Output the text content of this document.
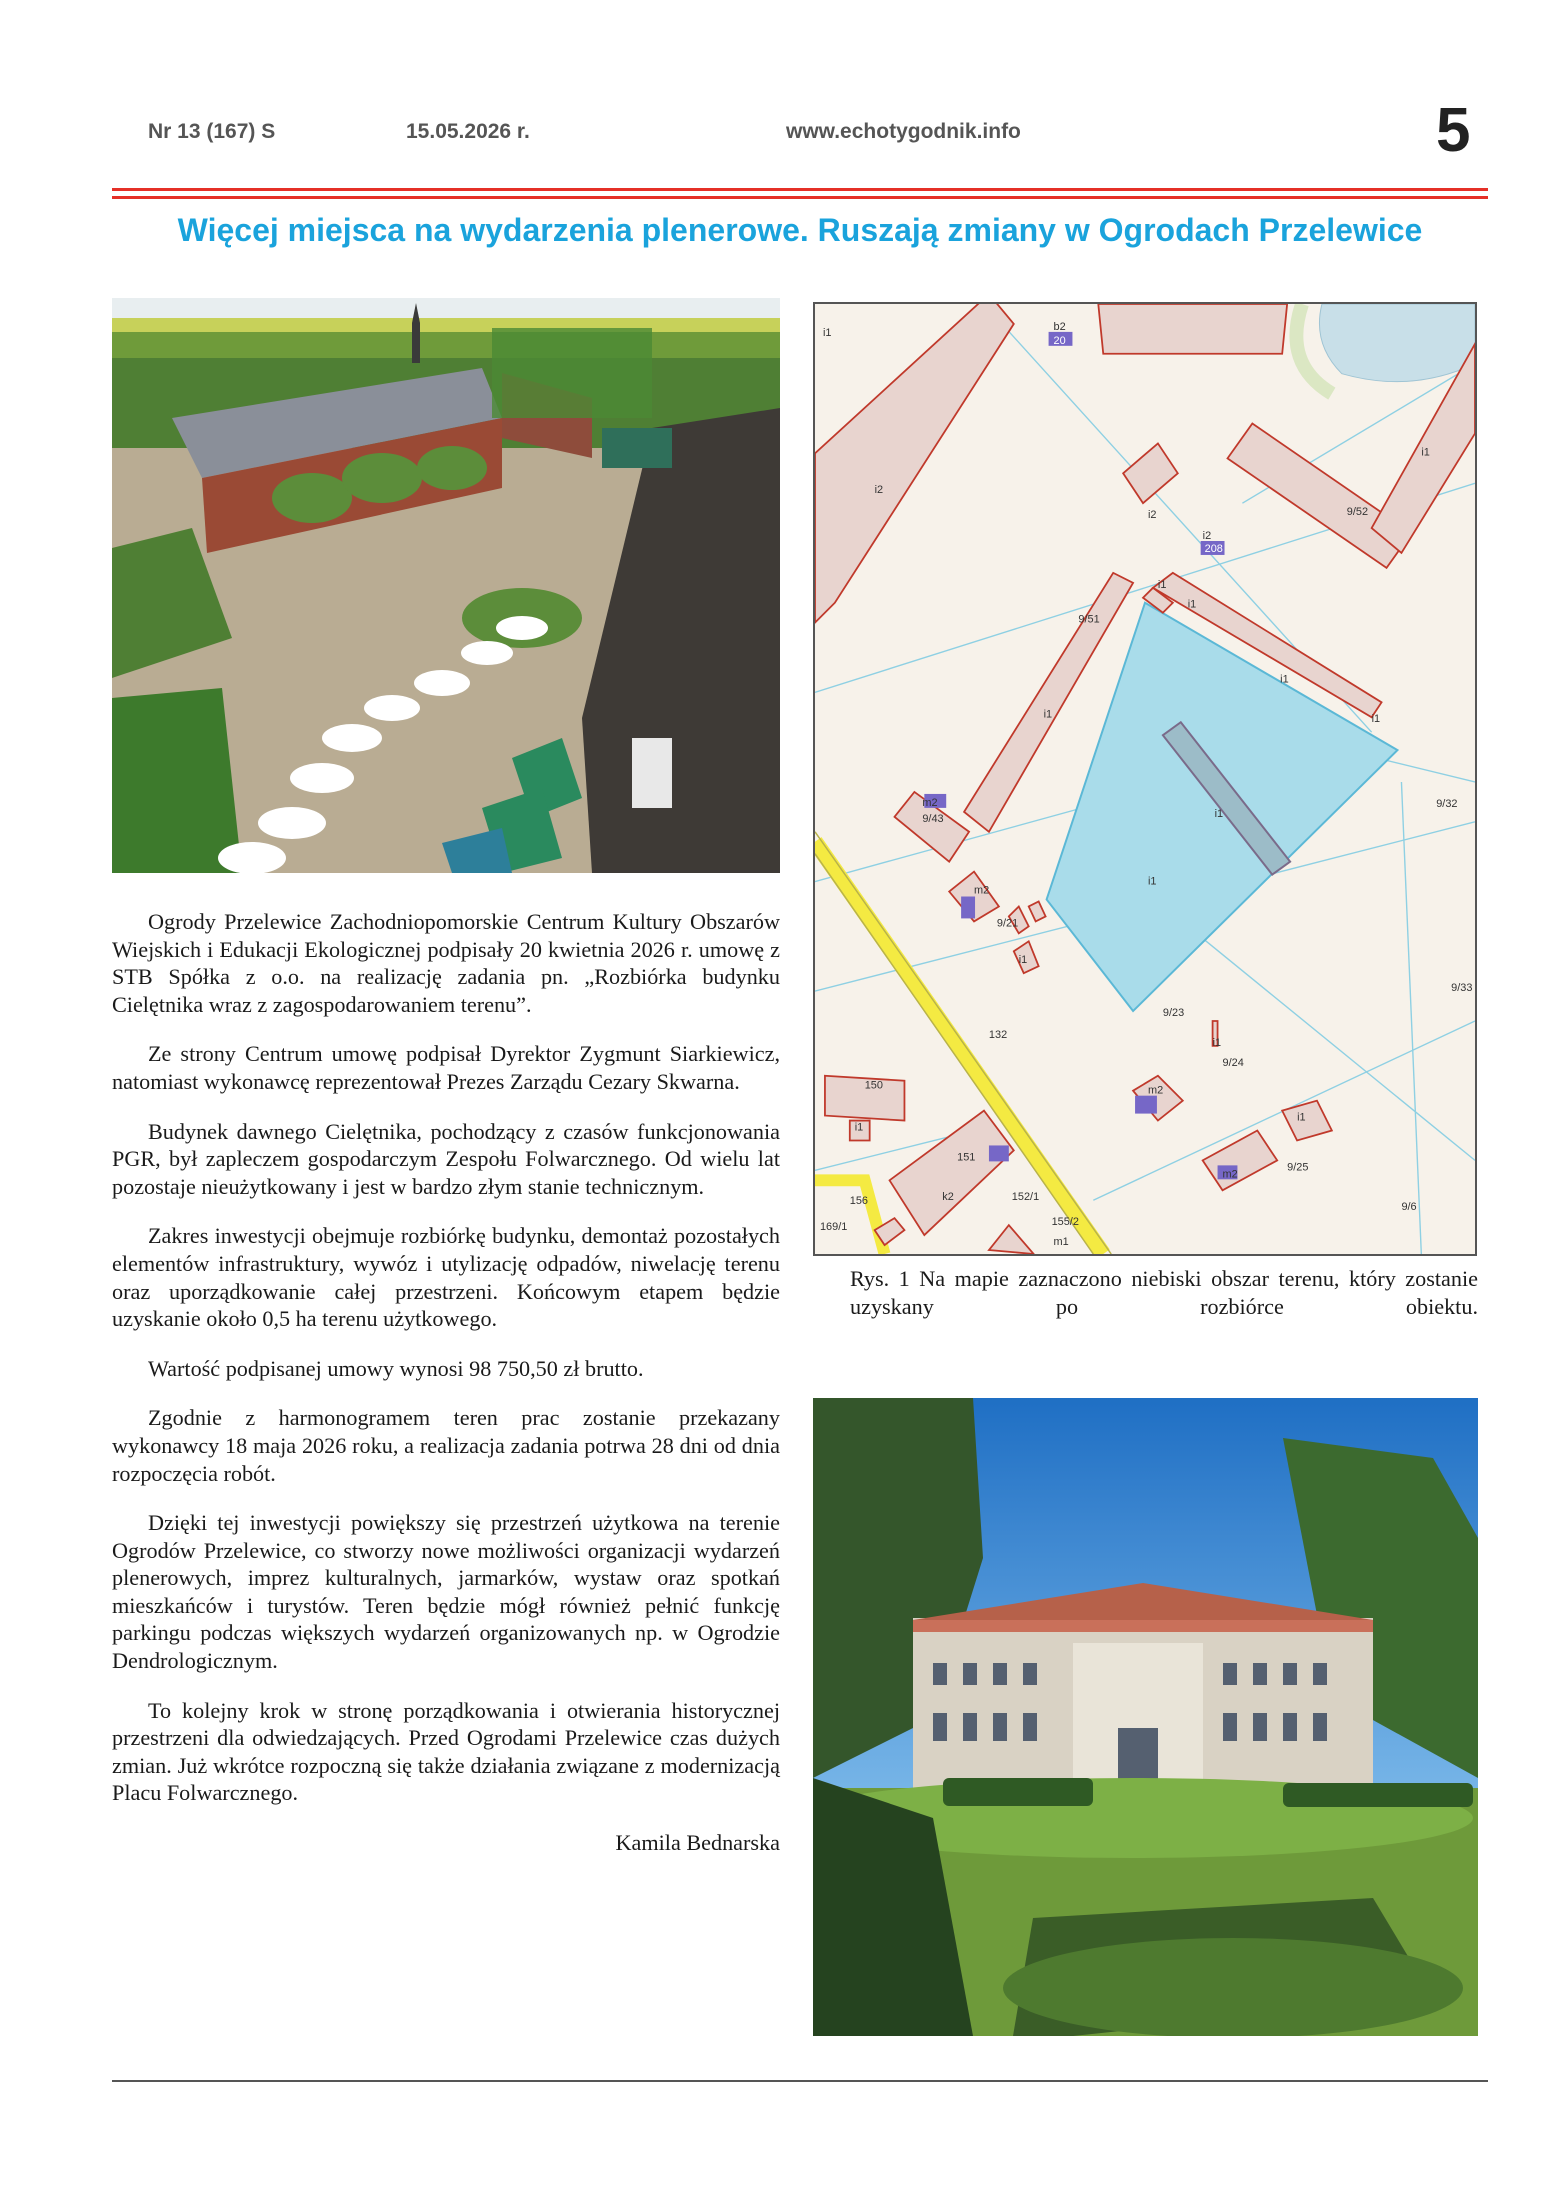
Nr 13 (167) S	15.05.2026 r.	www.echotygodnik.info	5
Więcej miejsca na wydarzenia plenerowe. Ruszają zmiany w Ogrodach Przelewice

Ogrody Przelewice Zachodniopomorskie Centrum Kultury Obszarów Wiejskich i Edukacji Ekologicznej podpisały 20 kwietnia 2026 r. umowę z STB Spółka z o.o. na realizację zadania pn. „Rozbiórka budynku Cielętnika wraz z zagospodarowaniem terenu”.

Ze strony Centrum umowę podpisał Dyrektor Zygmunt Siarkiewicz, natomiast wykonawcę reprezentował Prezes Zarządu Cezary Skwarna.

Budynek dawnego Cielętnika, pochodzący z czasów funkcjonowania PGR, był zapleczem gospodarczym Zespołu Folwarcznego. Od wielu lat pozostaje nieużytkowany i jest w bardzo złym stanie technicznym.

Zakres inwestycji obejmuje rozbiórkę budynku, demontaż pozostałych elementów infrastruktury, wywóz i utylizację odpadów, niwelację terenu oraz uporządkowanie całej przestrzeni. Końcowym etapem będzie uzyskanie około 0,5 ha terenu użytkowego.

Wartość podpisanej umowy wynosi 98 750,50 zł brutto.

Zgodnie z harmonogramem teren prac zostanie przekazany wykonawcy 18 maja 2026 roku, a realizacja zadania potrwa 28 dni od dnia rozpoczęcia robót.

Dzięki tej inwestycji powiększy się przestrzeń użytkowa na terenie Ogrodów Przelewice, co stworzy nowe możliwości organizacji wydarzeń plenerowych, imprez kulturalnych, jarmarków, wystaw oraz spotkań mieszkańców i turystów. Teren będzie mógł również pełnić funkcję parkingu podczas większych wydarzeń organizowanych np. w Ogrodzie Dendrologicznym.

To kolejny krok w stronę porządkowania i otwierania historycznej przestrzeni dla odwiedzających. Przed Ogrodami Przelewice czas dużych zmian. Już wkrótce rozpoczną się także działania związane z modernizacją Placu Folwarcznego.

Kamila Bednarska
i1
i2
b2
20
i1
i2	9/52
i2
208
i1
i1
9/51
i1
i1
i1
m2
9/43
9/32
i1
i1
m2
9/21
i1
9/33
9/23
132
150
i1
i1
9/24
m2
i1
9/25
151
k2	152/1
156
169/1	155/2
m1
9/6
m2
Rys. 1 Na mapie zaznaczono niebiski obszar terenu, który zostanie uzyskany po rozbiórce obiektu.
